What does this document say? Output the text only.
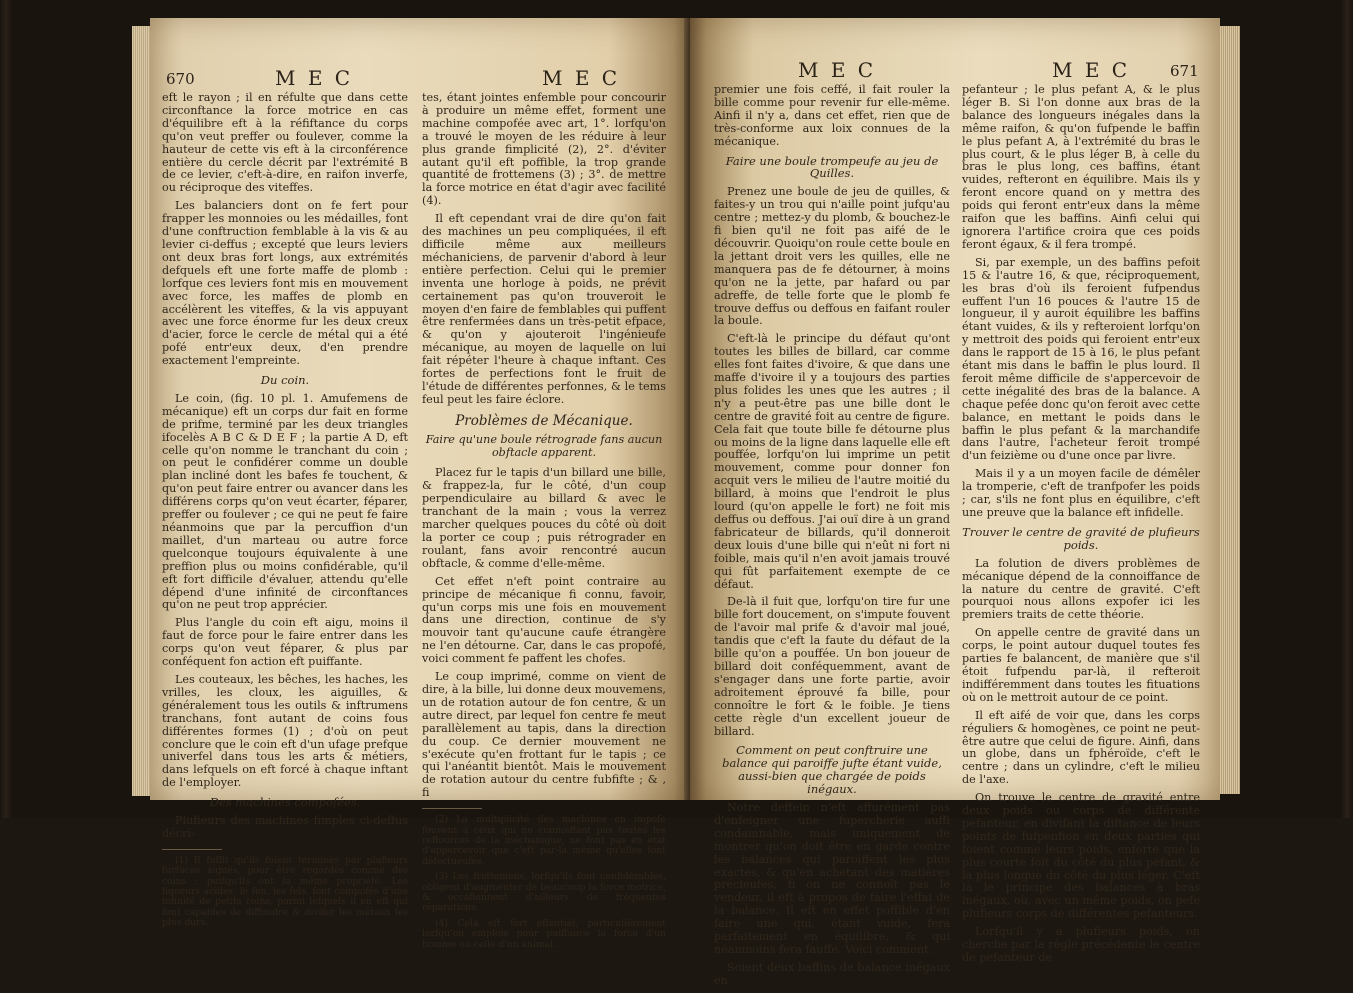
670	M E C	M E C

eft le rayon ; il en réfulte que dans cette circonftance la force motrice en cas d'équilibre eft à la réfiftance du corps qu'on veut preffer ou foulever, comme la hauteur de cette vis eft à la circonférence entière du cercle décrit par l'extrémité B de ce levier, c'eft-à-dire, en raifon inverfe, ou réciproque des viteffes.

Les balanciers dont on fe fert pour frapper les monnoies ou les médailles, font d'une conftruction femblable à la vis & au levier ci-deffus ; excepté que leurs leviers ont deux bras fort longs, aux extrémités defquels eft une forte maffe de plomb : lorfque ces leviers font mis en mouvement avec force, les maffes de plomb en accélèrent les viteffes, & la vis appuyant avec une force énorme fur les deux creux d'acier, force le cercle de métal qui a été pofé entr'eux deux, d'en prendre exactement l'empreinte.

Du coin.

Le coin, (fig. 10 pl. 1. Amufemens de mécanique) eft un corps dur fait en forme de prifme, terminé par les deux triangles ifocelès A B C & D E F ; la partie A D, eft celle qu'on nomme le tranchant du coin ; on peut le confidérer comme un double plan incliné dont les bafes fe touchent, & qu'on peut faire entrer ou avancer dans les différens corps qu'on veut écarter, féparer, preffer ou foulever ; ce qui ne peut fe faire néanmoins que par la percuffion d'un maillet, d'un marteau ou autre force quelconque toujours équivalente à une preffion plus ou moins confidérable, qu'il eft fort difficile d'évaluer, attendu qu'elle dépend d'une infinité de circonftances qu'on ne peut trop apprécier.

Plus l'angle du coin eft aigu, moins il faut de force pour le faire entrer dans les corps qu'on veut féparer, & plus par conféquent fon action eft puiffante.

Les couteaux, les bêches, les haches, les vrilles, les cloux, les aiguilles, & généralement tous les outils & inftrumens tranchans, font autant de coins fous différentes formes (1) ; d'où on peut conclure que le coin eft d'un ufage prefque univerfel dans tous les arts & métiers, dans lefquels on eft forcé à chaque inftant de l'employer.

Des machines compofées.

Plufieurs des machines fimples ci-deffus décri-

(1) Il fuffit qu'ils foient terminés par plufieurs furfaces aiguës, pour être regardés comme des coins ; puifqu'ils ont la même propriété. Les liqueurs acides, le feu, les fels, font compofés d'une infinité de petits coins, parmi lefquels il en eft qui font capables de diffoudre & divifer les métaux les plus durs.

tes, étant jointes enfemble pour concourir à produire un même effet, forment une machine compofée avec art, 1°. lorfqu'on a trouvé le moyen de les réduire à leur plus grande fimplicité (2), 2°. d'éviter autant qu'il eft poffible, la trop grande quantité de frottemens (3) ; 3°. de mettre la force motrice en état d'agir avec facilité (4).

Il eft cependant vrai de dire qu'on fait des machines un peu compliquées, il eft difficile même aux meilleurs méchaniciens, de parvenir d'abord à leur entière perfection. Celui qui le premier inventa une horloge à poids, ne prévit certainement pas qu'on trouveroit le moyen d'en faire de femblables qui puffent être renfermées dans un très-petit efpace, & qu'on y ajouteroit l'ingénieufe mécanique, au moyen de laquelle on lui fait répéter l'heure à chaque inftant. Ces fortes de perfections font le fruit de l'étude de différentes perfonnes, & le tems feul peut les faire éclore.

Problèmes de Mécanique.

Faire qu'une boule rétrograde fans aucun obftacle apparent.

Placez fur le tapis d'un billard une bille, & frappez-la, fur le côté, d'un coup perpendiculaire au billard & avec le tranchant de la main ; vous la verrez marcher quelques pouces du côté où doit la porter ce coup ; puis rétrograder en roulant, fans avoir rencontré aucun obftacle, & comme d'elle-même.

Cet effet n'eft point contraire au principe de mécanique fi connu, favoir, qu'un corps mis une fois en mouvement dans une direction, continue de s'y mouvoir tant qu'aucune caufe étrangère ne l'en détourne. Car, dans le cas propofé, voici comment fe paffent les chofes.

Le coup imprimé, comme on vient de dire, à la bille, lui donne deux mouvemens, un de rotation autour de fon centre, & un autre direct, par lequel fon centre fe meut parallèlement au tapis, dans la direction du coup. Ce dernier mouvement ne s'exécute qu'en frottant fur le tapis ; ce qui l'anéantit bientôt. Mais le mouvement de rotation autour du centre fubfifte ; & , fi

(2) La multiplicité des machines en impofe fouvent à ceux qui ne connoiffant pas toutes les reffources de la méchanique, ne font pas en état d'appercevoir que c'eft par-là même qu'elles font défectueufes.

(3) Les frottemens, lorfqu'ils font confidérables, obligent d'augmenter de beaucoup la force motrice, & occafionnent d'ailleurs de fréquentes réparations.

(4) Cela eft fort effentiel, particulièrement lorfqu'on emploie pour puiffance la force d'un homme ou celle d'un animal.

M E C	M E C	671

premier une fois ceffé, il fait rouler la bille comme pour revenir fur elle-même. Ainfi il n'y a, dans cet effet, rien que de très-conforme aux loix connues de la mécanique.

Faire une boule trompeufe au jeu de Quilles.

Prenez une boule de jeu de quilles, & faites-y un trou qui n'aille point jufqu'au centre ; mettez-y du plomb, & bouchez-le fi bien qu'il ne foit pas aifé de le découvrir. Quoiqu'on roule cette boule en la jettant droit vers les quilles, elle ne manquera pas de fe détourner, à moins qu'on ne la jette, par hafard ou par adreffe, de telle forte que le plomb fe trouve deffus ou deffous en faifant rouler la boule.

C'eft-là le principe du défaut qu'ont toutes les billes de billard, car comme elles font faites d'ivoire, & que dans une maffe d'ivoire il y a toujours des parties plus folides les unes que les autres ; il n'y a peut-être pas une bille dont le centre de gravité foit au centre de figure. Cela fait que toute bille fe détourne plus ou moins de la ligne dans laquelle elle eft pouffée, lorfqu'on lui imprime un petit mouvement, comme pour donner fon acquit vers le milieu de l'autre moitié du billard, à moins que l'endroit le plus lourd (qu'on appelle le fort) ne foit mis deffus ou deffous. J'ai ouï dire à un grand fabricateur de billards, qu'il donneroit deux louis d'une bille qui n'eût ni fort ni foible, mais qu'il n'en avoit jamais trouvé qui fût parfaitement exempte de ce défaut.

De-là il fuit que, lorfqu'on tire fur une bille fort doucement, on s'impute fouvent de l'avoir mal prife & d'avoir mal joué, tandis que c'eft la faute du défaut de la bille qu'on a pouffée. Un bon joueur de billard doit conféquemment, avant de s'engager dans une forte partie, avoir adroitement éprouvé fa bille, pour connoître le fort & le foible. Je tiens cette règle d'un excellent joueur de billard.

Comment on peut conftruire une balance qui paroiffe jufte étant vuide, aussi-bien que chargée de poids inégaux.

Notre deffein n'eft affurément pas d'enfeigner une fupercherie auffi condamnable, mais uniquement de montrer qu'on doit être en garde contre les balances qui paroiffent les plus exactes, & qu'en achetant des matières précieufes, fi on ne connoît pas le vendeur, il eft à propos de faire l'effai de la balance. Il eft en effet poffible d'en faire une qui, étant vuide, fera parfaitement en équilibre, & qui néanmoins fera fauffe. Voici comment.

Soient deux baffins de balance inégaux en

pefanteur ; le plus pefant A, & le plus léger B. Si l'on donne aux bras de la balance des longueurs inégales dans la même raifon, & qu'on fufpende le baffin le plus pefant A, à l'extrémité du bras le plus court, & le plus léger B, à celle du bras le plus long, ces baffins, étant vuides, refteront en équilibre. Mais ils y feront encore quand on y mettra des poids qui feront entr'eux dans la même raifon que les baffins. Ainfi celui qui ignorera l'artifice croira que ces poids feront égaux, & il fera trompé.

Si, par exemple, un des baffins pefoit 15 & l'autre 16, & que, réciproquement, les bras d'où ils feroient fufpendus euffent l'un 16 pouces & l'autre 15 de longueur, il y auroit équilibre les baffins étant vuides, & ils y refteroient lorfqu'on y mettroit des poids qui feroient entr'eux dans le rapport de 15 à 16, le plus pefant étant mis dans le baffin le plus lourd. Il feroit même difficile de s'appercevoir de cette inégalité des bras de la balance. A chaque pefée donc qu'on feroit avec cette balance, en mettant le poids dans le baffin le plus pefant & la marchandife dans l'autre, l'acheteur feroit trompé d'un feizième ou d'une once par livre.

Mais il y a un moyen facile de démêler la tromperie, c'eft de tranfpofer les poids ; car, s'ils ne font plus en équilibre, c'eft une preuve que la balance eft infidelle.

Trouver le centre de gravité de plufieurs poids.

La folution de divers problèmes de mécanique dépend de la connoiffance de la nature du centre de gravité. C'eft pourquoi nous allons expofer ici les premiers traits de cette théorie.

On appelle centre de gravité dans un corps, le point autour duquel toutes fes parties fe balancent, de manière que s'il étoit fufpendu par-là, il refteroit indifféremment dans toutes les fituations où on le mettroit autour de ce point.

Il eft aifé de voir que, dans les corps réguliers & homogènes, ce point ne peut-être autre que celui de figure. Ainfi, dans un globe, dans un fphéroïde, c'eft le centre ; dans un cylindre, c'eft le milieu de l'axe.

On trouve le centre de gravité entre deux poids ou corps de différente pefanteur, en divifant la diftance de leurs points de fufpenfion en deux parties qui foient comme leurs poids, enforte que la plus courte foit du côté du plus pefant, & la plus longue du côté du plus léger. C'eft là le principe des balances à bras inégaux, où, avec un même poids, on pefe plufieurs corps de différentes pefanteurs.

Lorfqu'il y a plufieurs poids, on cherche par la règle précédente le centre de pefanteur de
